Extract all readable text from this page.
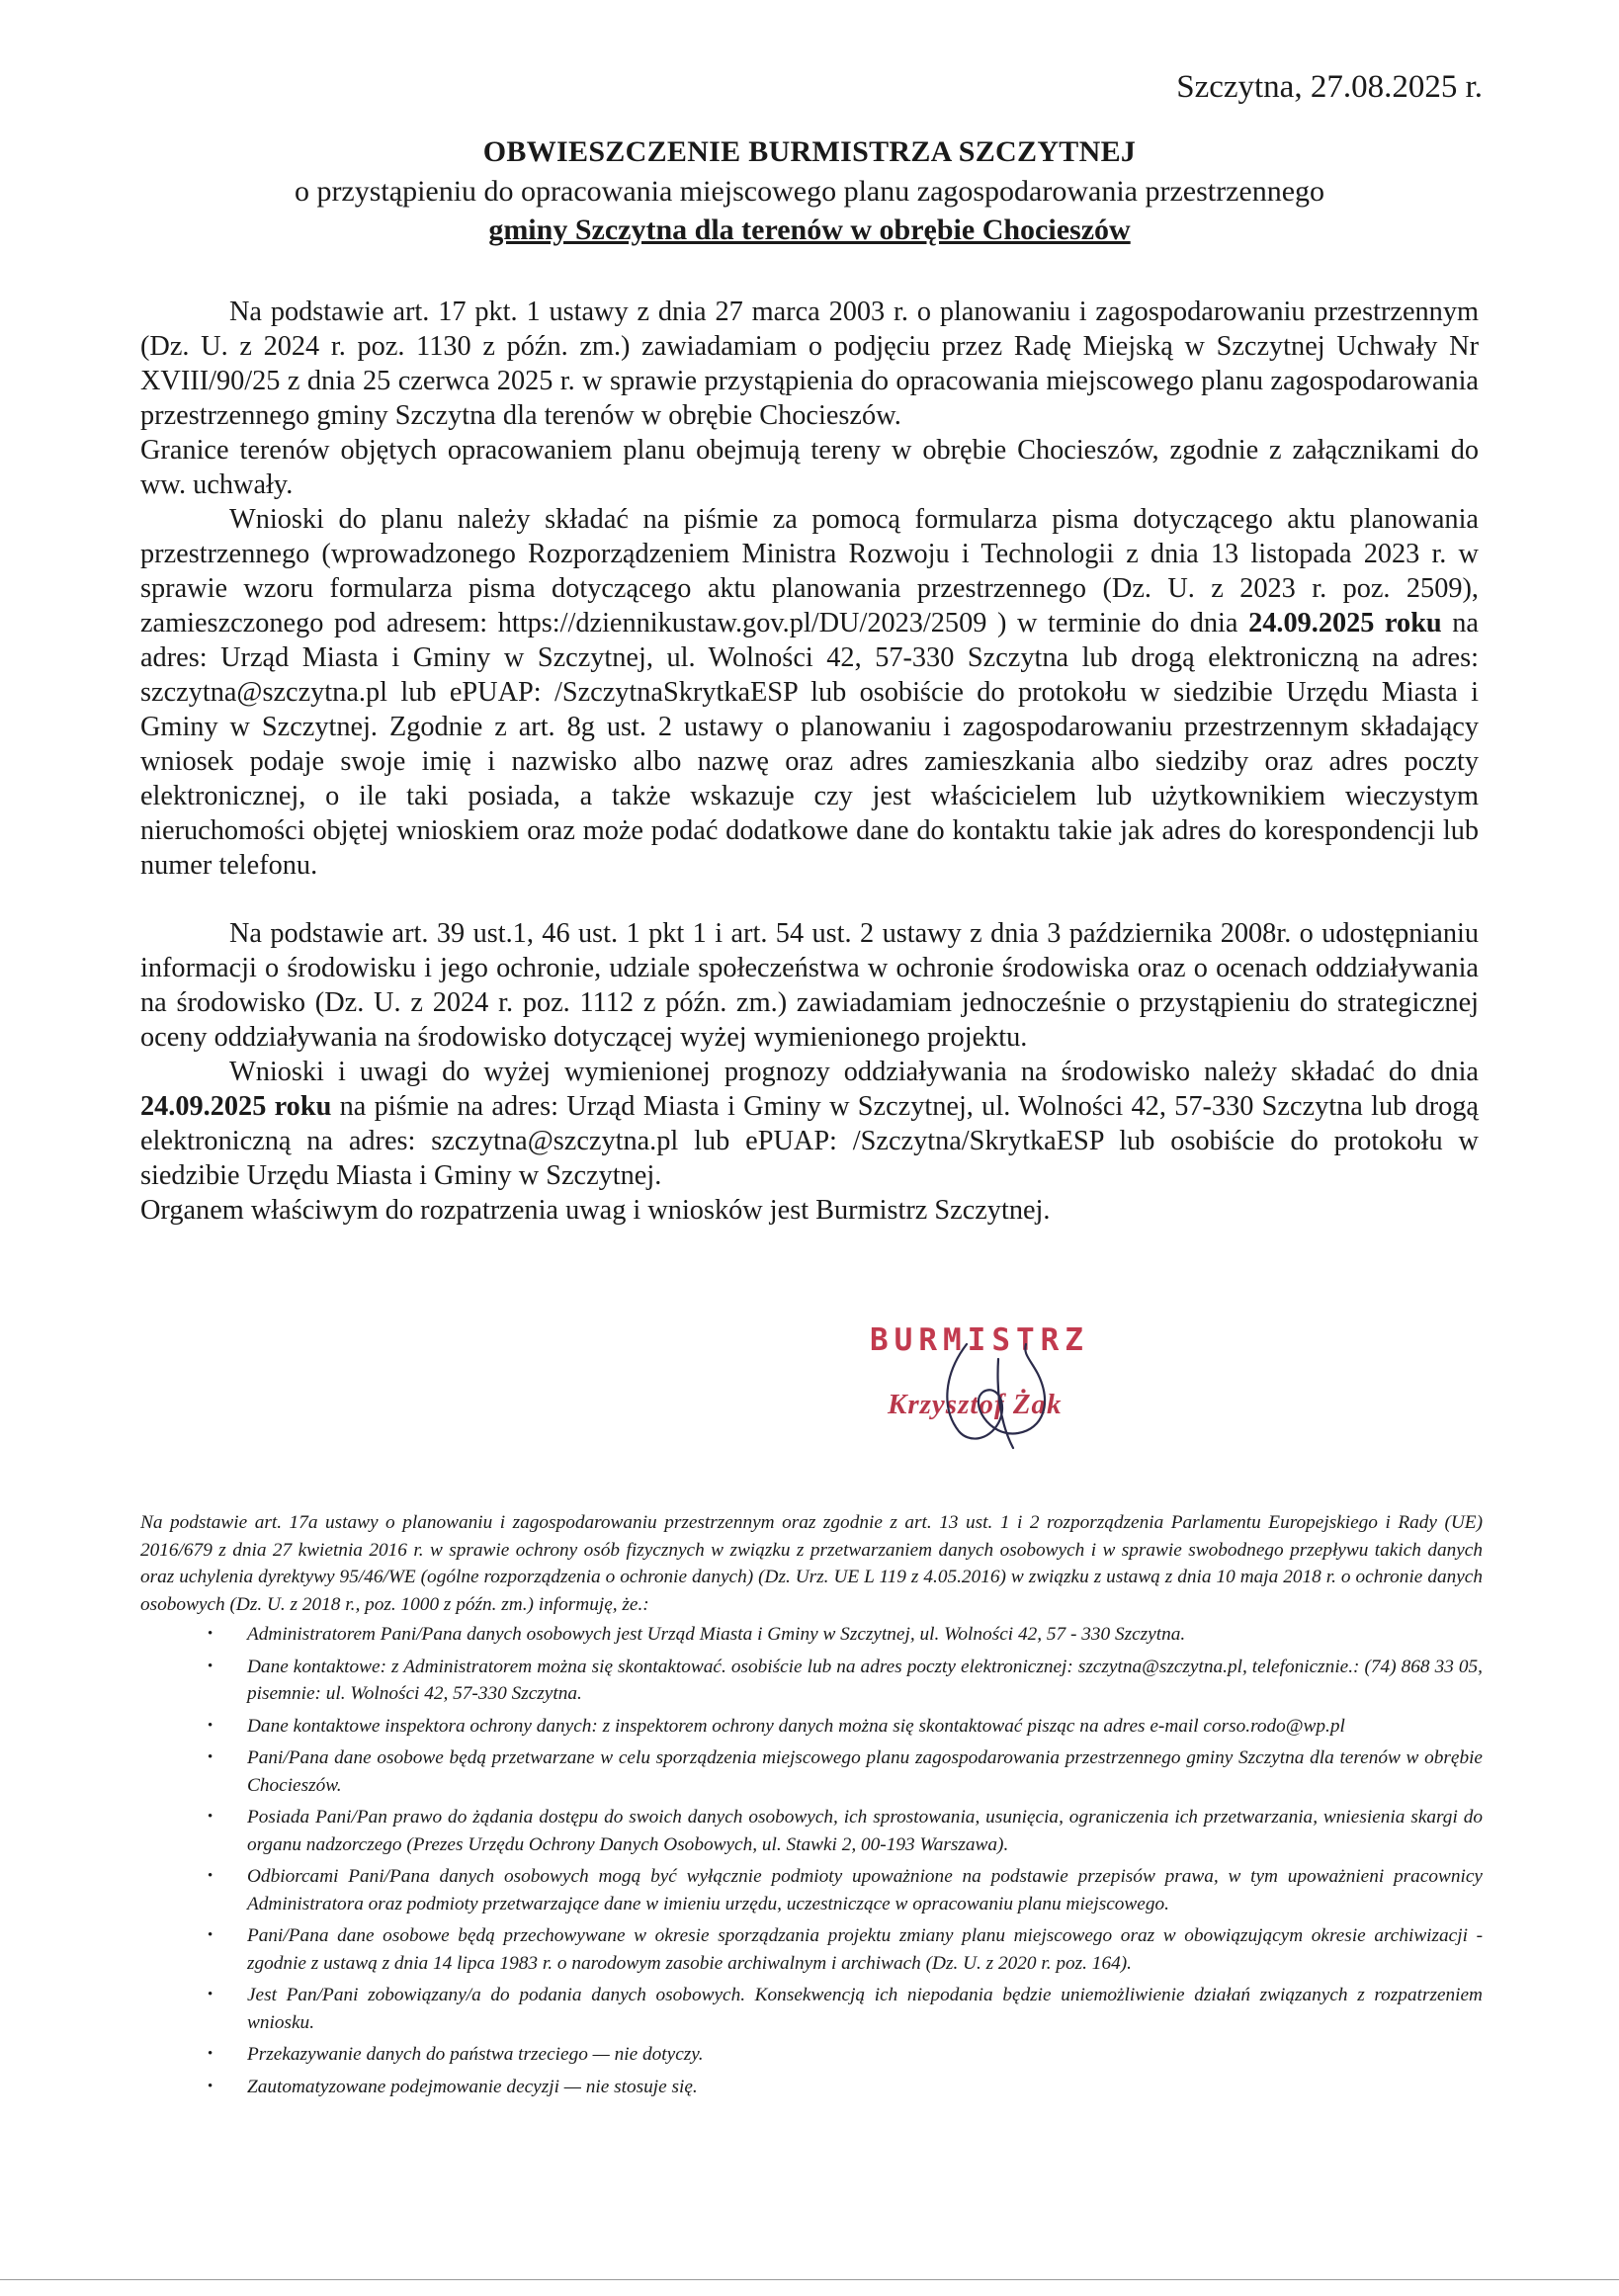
Szczytna, 27.08.2025 r.
OBWIESZCZENIE BURMISTRZA SZCZYTNEJ
o przystąpieniu do opracowania miejscowego planu zagospodarowania przestrzennego
gminy Szczytna dla terenów w obrębie Chocieszów

Na podstawie art. 17 pkt. 1 ustawy z dnia 27 marca 2003 r. o planowaniu i zagospodarowaniu przestrzennym (Dz. U. z 2024 r. poz. 1130 z późn. zm.) zawiadamiam o podjęciu przez Radę Miejską w Szczytnej Uchwały Nr XVIII/90/25 z dnia 25 czerwca 2025 r. w sprawie przystąpienia do opracowania miejscowego planu zagospodarowania przestrzennego gminy Szczytna dla terenów w obrębie Chocieszów.

Granice terenów objętych opracowaniem planu obejmują tereny w obrębie Chocieszów, zgodnie z załącznikami do ww. uchwały.

Wnioski do planu należy składać na piśmie za pomocą formularza pisma dotyczącego aktu planowania przestrzennego (wprowadzonego Rozporządzeniem Ministra Rozwoju i Technologii z dnia 13 listopada 2023 r. w sprawie wzoru formularza pisma dotyczącego aktu planowania przestrzennego (Dz. U. z 2023 r. poz. 2509), zamieszczonego pod adresem: https://dziennikustaw.gov.pl/DU/2023/2509 ) w terminie do dnia 24.09.2025 roku na adres: Urząd Miasta i Gminy w Szczytnej, ul. Wolności 42, 57-330 Szczytna lub drogą elektroniczną na adres: szczytna@szczytna.pl lub ePUAP: /SzczytnaSkrytkaESP lub osobiście do protokołu w siedzibie Urzędu Miasta i Gminy w Szczytnej. Zgodnie z art. 8g ust. 2 ustawy o planowaniu i zagospodarowaniu przestrzennym składający wniosek podaje swoje imię i nazwisko albo nazwę oraz adres zamieszkania albo siedziby oraz adres poczty elektronicznej, o ile taki posiada, a także wskazuje czy jest właścicielem lub użytkownikiem wieczystym nieruchomości objętej wnioskiem oraz może podać dodatkowe dane do kontaktu takie jak adres do korespondencji lub numer telefonu.

Na podstawie art. 39 ust.1, 46 ust. 1 pkt 1 i art. 54 ust. 2 ustawy z dnia 3 października 2008r. o udostępnianiu informacji o środowisku i jego ochronie, udziale społeczeństwa w ochronie środowiska oraz o ocenach oddziaływania na środowisko (Dz. U. z 2024 r. poz. 1112 z późn. zm.) zawiadamiam jednocześnie o przystąpieniu do strategicznej oceny oddziaływania na środowisko dotyczącej wyżej wymienionego projektu.

Wnioski i uwagi do wyżej wymienionej prognozy oddziaływania na środowisko należy składać do dnia 24.09.2025 roku na piśmie na adres: Urząd Miasta i Gminy w Szczytnej, ul. Wolności 42, 57-330 Szczytna lub drogą elektroniczną na adres: szczytna@szczytna.pl lub ePUAP: /Szczytna/SkrytkaESP lub osobiście do protokołu w siedzibie Urzędu Miasta i Gminy w Szczytnej.

Organem właściwym do rozpatrzenia uwag i wniosków jest Burmistrz Szczytnej.

BURMISTRZ
Krzysztof Żak

Na podstawie art. 17a ustawy o planowaniu i zagospodarowaniu przestrzennym oraz zgodnie z art. 13 ust. 1 i 2 rozporządzenia Parlamentu Europejskiego i Rady (UE) 2016/679 z dnia 27 kwietnia 2016 r. w sprawie ochrony osób fizycznych w związku z przetwarzaniem danych osobowych i w sprawie swobodnego przepływu takich danych oraz uchylenia dyrektywy 95/46/WE (ogólne rozporządzenia o ochronie danych) (Dz. Urz. UE L 119 z 4.05.2016) w związku z ustawą z dnia 10 maja 2018 r. o ochronie danych osobowych (Dz. U. z 2018 r., poz. 1000 z późn. zm.) informuję, że.:

• Administratorem Pani/Pana danych osobowych jest Urząd Miasta i Gminy w Szczytnej, ul. Wolności 42, 57 - 330 Szczytna.
• Dane kontaktowe: z Administratorem można się skontaktować. osobiście lub na adres poczty elektronicznej: szczytna@szczytna.pl, telefonicznie.: (74) 868 33 05, pisemnie: ul. Wolności 42, 57-330 Szczytna.
• Dane kontaktowe inspektora ochrony danych: z inspektorem ochrony danych można się skontaktować pisząc na adres e-mail corso.rodo@wp.pl
• Pani/Pana dane osobowe będą przetwarzane w celu sporządzenia miejscowego planu zagospodarowania przestrzennego gminy Szczytna dla terenów w obrębie Chocieszów.
• Posiada Pani/Pan prawo do żądania dostępu do swoich danych osobowych, ich sprostowania, usunięcia, ograniczenia ich przetwarzania, wniesienia skargi do organu nadzorczego (Prezes Urzędu Ochrony Danych Osobowych, ul. Stawki 2, 00-193 Warszawa).
• Odbiorcami Pani/Pana danych osobowych mogą być wyłącznie podmioty upoważnione na podstawie przepisów prawa, w tym upoważnieni pracownicy Administratora oraz podmioty przetwarzające dane w imieniu urzędu, uczestniczące w opracowaniu planu miejscowego.
• Pani/Pana dane osobowe będą przechowywane w okresie sporządzania projektu zmiany planu miejscowego oraz w obowiązującym okresie archiwizacji - zgodnie z ustawą z dnia 14 lipca 1983 r. o narodowym zasobie archiwalnym i archiwach (Dz. U. z 2020 r. poz. 164).
• Jest Pan/Pani zobowiązany/a do podania danych osobowych. Konsekwencją ich niepodania będzie uniemożliwienie działań związanych z rozpatrzeniem wniosku.
• Przekazywanie danych do państwa trzeciego — nie dotyczy.
• Zautomatyzowane podejmowanie decyzji — nie stosuje się.
